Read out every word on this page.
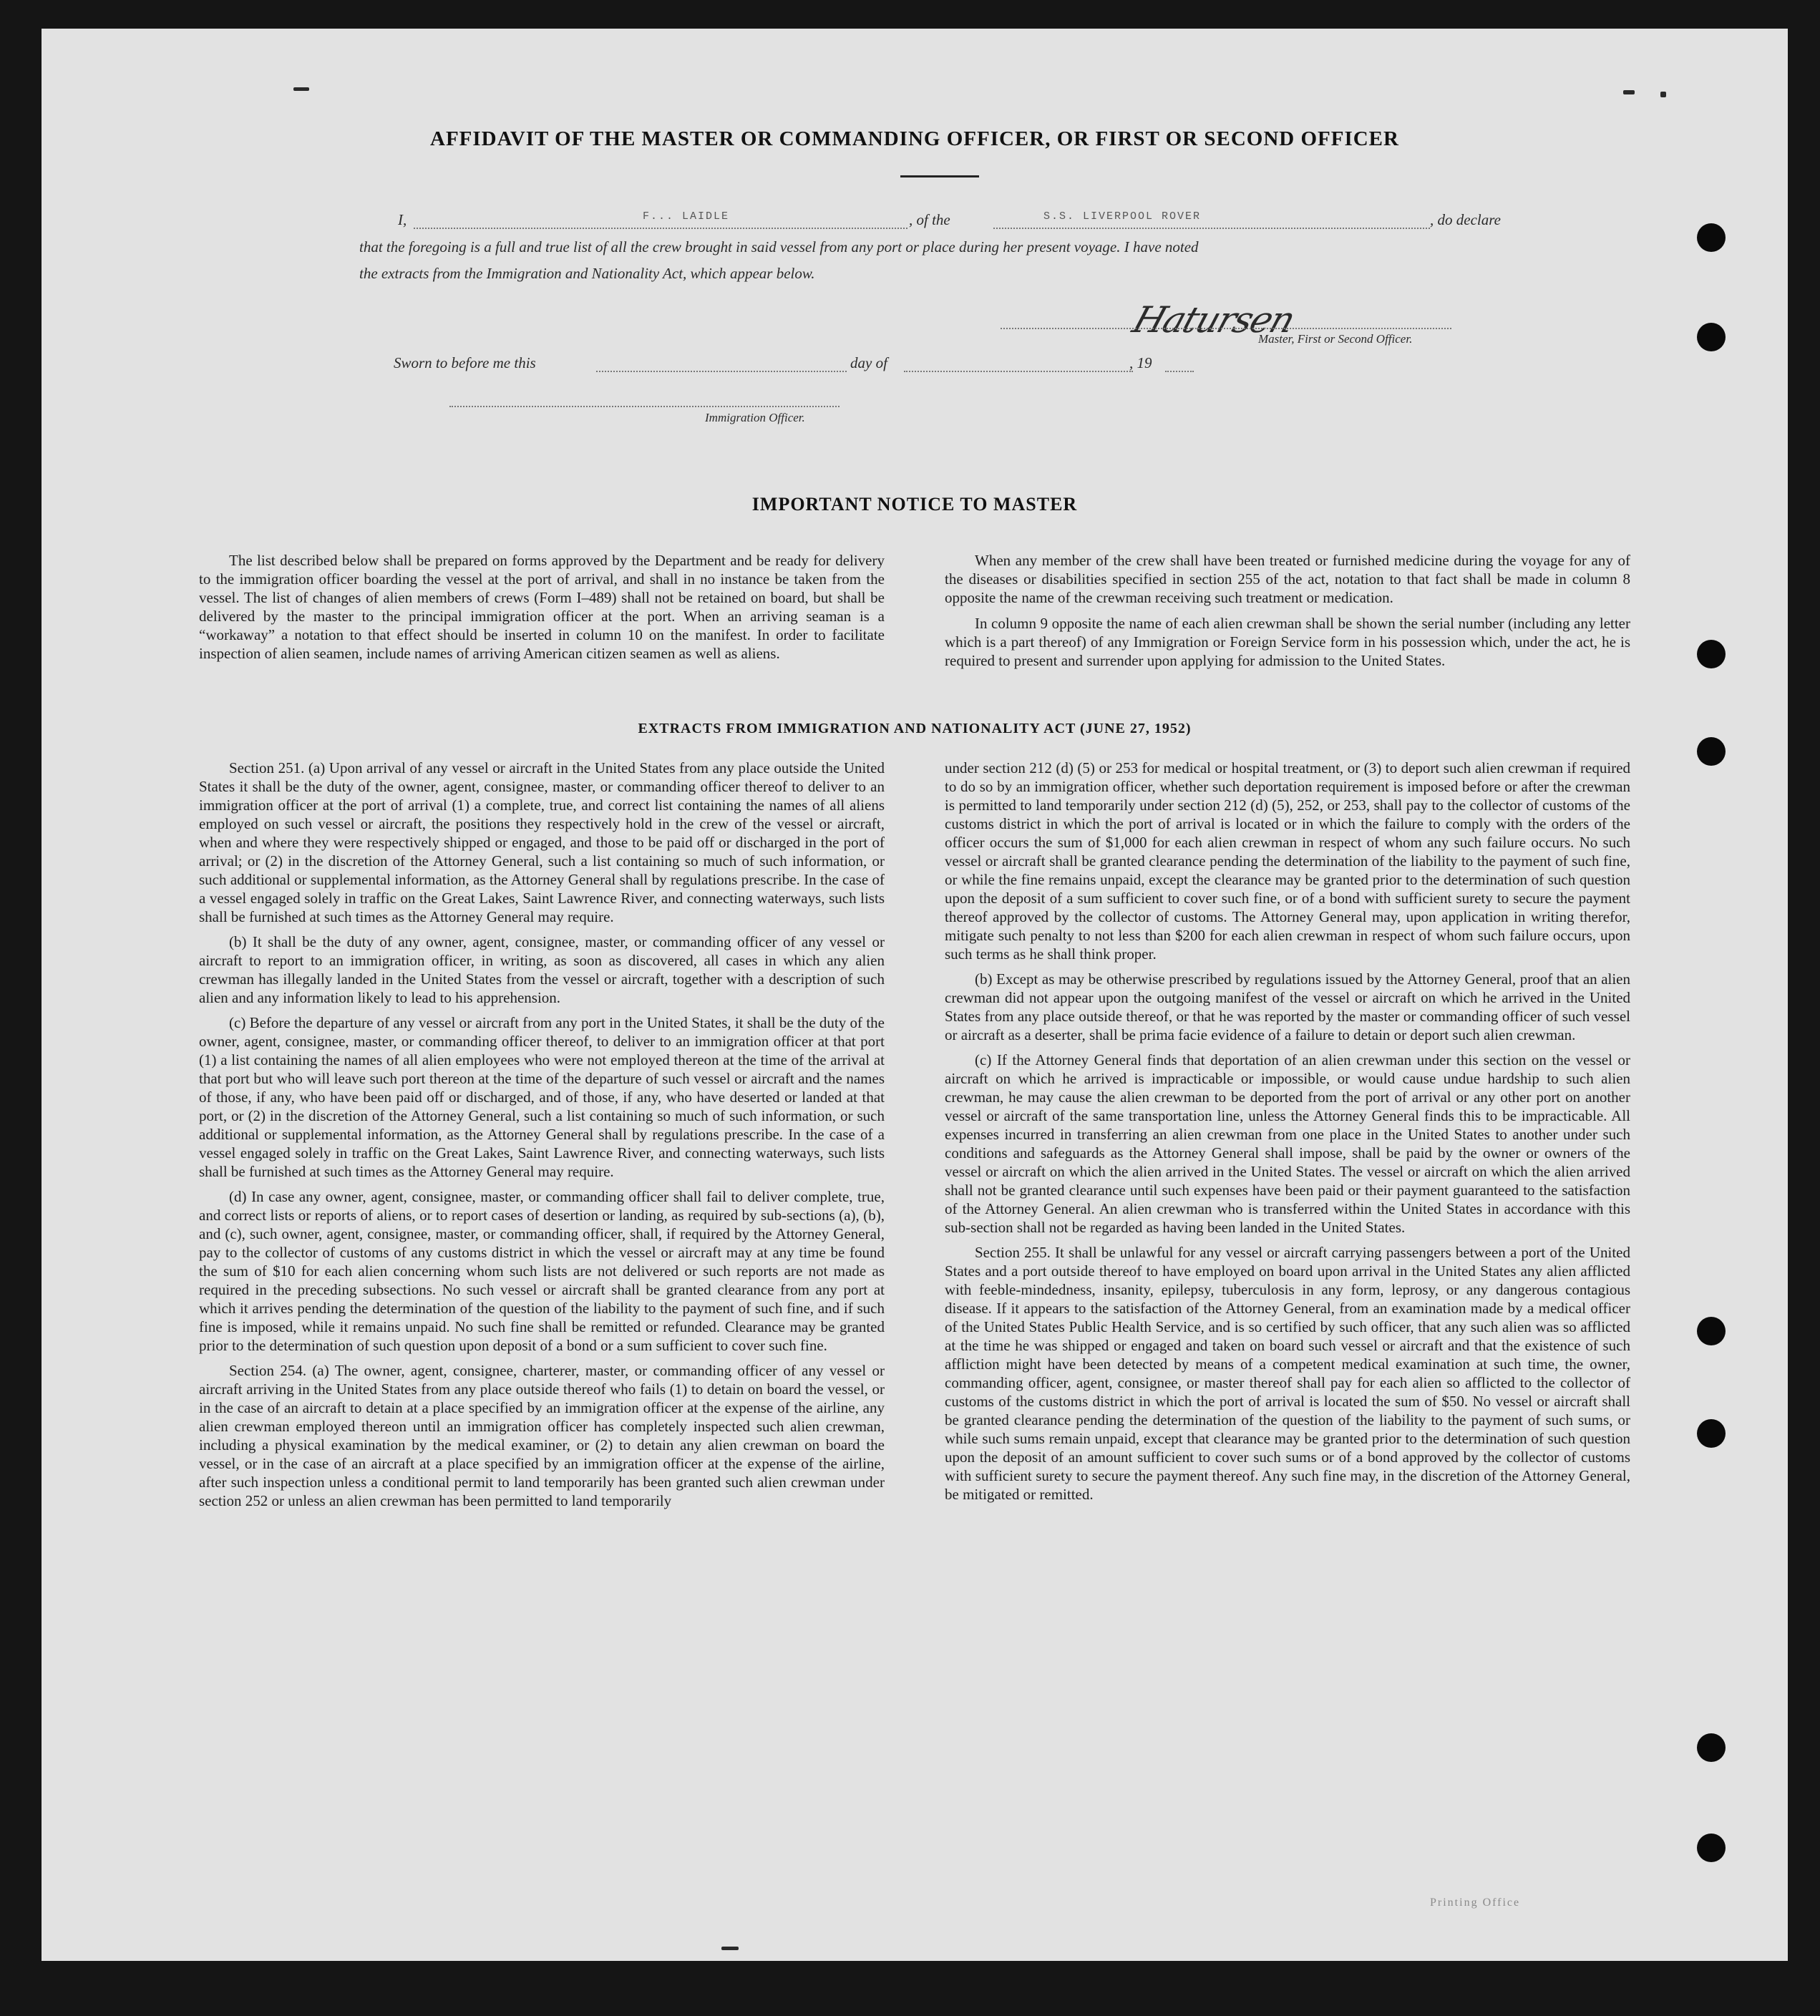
AFFIDAVIT OF THE MASTER OR COMMANDING OFFICER, OR FIRST OR SECOND OFFICER
I,	F... LAIDLE	, of the	S.S. LIVERPOOL ROVER	, do declare
that the foregoing is a full and true list of all the crew brought in said vessel from any port or place during her present voyage. I have noted
the extracts from the Immigration and Nationality Act, which appear below.
Hatursen
Master, First or Second Officer.
Sworn to before me this	day of	, 19
Immigration Officer.
IMPORTANT NOTICE TO MASTER

The list described below shall be prepared on forms approved by the Department and be ready for delivery to the immigration officer boarding the vessel at the port of arrival, and shall in no instance be taken from the vessel. The list of changes of alien members of crews (Form I–489) shall not be retained on board, but shall be delivered by the master to the principal immigration officer at the port. When an arriving seaman is a “workaway” a notation to that effect should be inserted in column 10 on the manifest. In order to facilitate inspection of alien seamen, include names of arriving American citizen seamen as well as aliens.

When any member of the crew shall have been treated or furnished medicine during the voyage for any of the diseases or disabilities specified in section 255 of the act, notation to that fact shall be made in column 8 opposite the name of the crewman receiving such treatment or medication.

In column 9 opposite the name of each alien crewman shall be shown the serial number (including any letter which is a part thereof) of any Immigration or Foreign Service form in his possession which, under the act, he is required to present and surrender upon applying for admission to the United States.

EXTRACTS FROM IMMIGRATION AND NATIONALITY ACT (JUNE 27, 1952)

Section 251. (a) Upon arrival of any vessel or aircraft in the United States from any place outside the United States it shall be the duty of the owner, agent, consignee, master, or commanding officer thereof to deliver to an immigration officer at the port of arrival (1) a complete, true, and correct list containing the names of all aliens employed on such vessel or aircraft, the positions they respectively hold in the crew of the vessel or aircraft, when and where they were respectively shipped or engaged, and those to be paid off or discharged in the port of arrival; or (2) in the discretion of the Attorney General, such a list containing so much of such information, or such additional or supplemental information, as the Attorney General shall by regulations prescribe. In the case of a vessel engaged solely in traffic on the Great Lakes, Saint Lawrence River, and connecting waterways, such lists shall be furnished at such times as the Attorney General may require.

(b) It shall be the duty of any owner, agent, consignee, master, or commanding officer of any vessel or aircraft to report to an immigration officer, in writing, as soon as discovered, all cases in which any alien crewman has illegally landed in the United States from the vessel or aircraft, together with a description of such alien and any information likely to lead to his apprehension.

(c) Before the departure of any vessel or aircraft from any port in the United States, it shall be the duty of the owner, agent, consignee, master, or commanding officer thereof, to deliver to an immigration officer at that port (1) a list containing the names of all alien employees who were not employed thereon at the time of the arrival at that port but who will leave such port thereon at the time of the departure of such vessel or aircraft and the names of those, if any, who have been paid off or discharged, and of those, if any, who have deserted or landed at that port, or (2) in the discretion of the Attorney General, such a list containing so much of such information, or such additional or supplemental information, as the Attorney General shall by regulations prescribe. In the case of a vessel engaged solely in traffic on the Great Lakes, Saint Lawrence River, and connecting waterways, such lists shall be furnished at such times as the Attorney General may require.

(d) In case any owner, agent, consignee, master, or commanding officer shall fail to deliver complete, true, and correct lists or reports of aliens, or to report cases of desertion or landing, as required by sub-sections (a), (b), and (c), such owner, agent, consignee, master, or commanding officer, shall, if required by the Attorney General, pay to the collector of customs of any customs district in which the vessel or aircraft may at any time be found the sum of $10 for each alien concerning whom such lists are not delivered or such reports are not made as required in the preceding subsections. No such vessel or aircraft shall be granted clearance from any port at which it arrives pending the determination of the question of the liability to the payment of such fine, and if such fine is imposed, while it remains unpaid. No such fine shall be remitted or refunded. Clearance may be granted prior to the determination of such question upon deposit of a bond or a sum sufficient to cover such fine.

Section 254. (a) The owner, agent, consignee, charterer, master, or commanding officer of any vessel or aircraft arriving in the United States from any place outside thereof who fails (1) to detain on board the vessel, or in the case of an aircraft to detain at a place specified by an immigration officer at the expense of the airline, any alien crewman employed thereon until an immigration officer has completely inspected such alien crewman, including a physical examination by the medical examiner, or (2) to detain any alien crewman on board the vessel, or in the case of an aircraft at a place specified by an immigration officer at the expense of the airline, after such inspection unless a conditional permit to land temporarily has been granted such alien crewman under section 252 or unless an alien crewman has been permitted to land temporarily

under section 212 (d) (5) or 253 for medical or hospital treatment, or (3) to deport such alien crewman if required to do so by an immigration officer, whether such deportation requirement is imposed before or after the crewman is permitted to land temporarily under section 212 (d) (5), 252, or 253, shall pay to the collector of customs of the customs district in which the port of arrival is located or in which the failure to comply with the orders of the officer occurs the sum of $1,000 for each alien crewman in respect of whom any such failure occurs. No such vessel or aircraft shall be granted clearance pending the determination of the liability to the payment of such fine, or while the fine remains unpaid, except the clearance may be granted prior to the determination of such question upon the deposit of a sum sufficient to cover such fine, or of a bond with sufficient surety to secure the payment thereof approved by the collector of customs. The Attorney General may, upon application in writing therefor, mitigate such penalty to not less than $200 for each alien crewman in respect of whom such failure occurs, upon such terms as he shall think proper.

(b) Except as may be otherwise prescribed by regulations issued by the Attorney General, proof that an alien crewman did not appear upon the outgoing manifest of the vessel or aircraft on which he arrived in the United States from any place outside thereof, or that he was reported by the master or commanding officer of such vessel or aircraft as a deserter, shall be prima facie evidence of a failure to detain or deport such alien crewman.

(c) If the Attorney General finds that deportation of an alien crewman under this section on the vessel or aircraft on which he arrived is impracticable or impossible, or would cause undue hardship to such alien crewman, he may cause the alien crewman to be deported from the port of arrival or any other port on another vessel or aircraft of the same transportation line, unless the Attorney General finds this to be impracticable. All expenses incurred in transferring an alien crewman from one place in the United States to another under such conditions and safeguards as the Attorney General shall impose, shall be paid by the owner or owners of the vessel or aircraft on which the alien arrived in the United States. The vessel or aircraft on which the alien arrived shall not be granted clearance until such expenses have been paid or their payment guaranteed to the satisfaction of the Attorney General. An alien crewman who is transferred within the United States in accordance with this sub-section shall not be regarded as having been landed in the United States.

Section 255. It shall be unlawful for any vessel or aircraft carrying passengers between a port of the United States and a port outside thereof to have employed on board upon arrival in the United States any alien afflicted with feeble-mindedness, insanity, epilepsy, tuberculosis in any form, leprosy, or any dangerous contagious disease. If it appears to the satisfaction of the Attorney General, from an examination made by a medical officer of the United States Public Health Service, and is so certified by such officer, that any such alien was so afflicted at the time he was shipped or engaged and taken on board such vessel or aircraft and that the existence of such affliction might have been detected by means of a competent medical examination at such time, the owner, commanding officer, agent, consignee, or master thereof shall pay for each alien so afflicted to the collector of customs of the customs district in which the port of arrival is located the sum of $50. No vessel or aircraft shall be granted clearance pending the determination of the question of the liability to the payment of such sums, or while such sums remain unpaid, except that clearance may be granted prior to the determination of such question upon the deposit of an amount sufficient to cover such sums or of a bond approved by the collector of customs with sufficient surety to secure the payment thereof. Any such fine may, in the discretion of the Attorney General, be mitigated or remitted.

Printing Office
